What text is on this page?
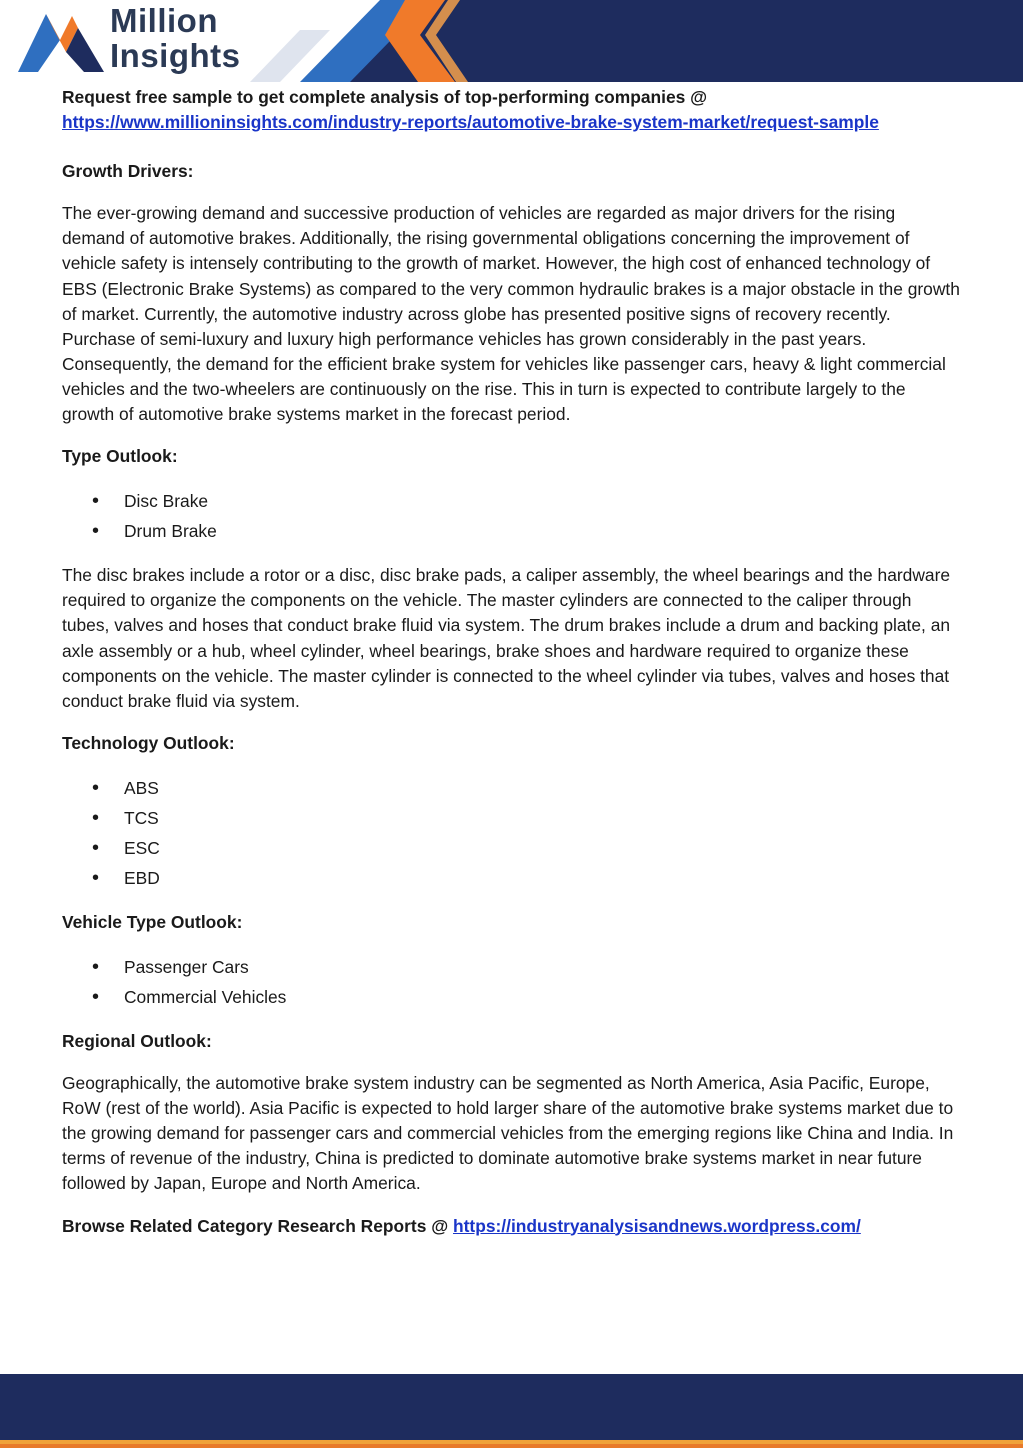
Million
Insights

Request free sample to get complete analysis of top-performing companies @

https://www.millioninsights.com/industry-reports/automotive-brake-system-market/request-sample

Growth Drivers:

The ever-growing demand and successive production of vehicles are regarded as major drivers for the rising demand of automotive brakes. Additionally, the rising governmental obligations concerning the improvement of vehicle safety is intensely contributing to the growth of market. However, the high cost of enhanced technology of EBS (Electronic Brake Systems) as compared to the very common hydraulic brakes is a major obstacle in the growth of market. Currently, the automotive industry across globe has presented positive signs of recovery recently. Purchase of semi-luxury and luxury high performance vehicles has grown considerably in the past years. Consequently, the demand for the efficient brake system for vehicles like passenger cars, heavy & light commercial vehicles and the two-wheelers are continuously on the rise. This in turn is expected to contribute largely to the growth of automotive brake systems market in the forecast period.

Type Outlook:

• Disc Brake
• Drum Brake

The disc brakes include a rotor or a disc, disc brake pads, a caliper assembly, the wheel bearings and the hardware required to organize the components on the vehicle. The master cylinders are connected to the caliper through tubes, valves and hoses that conduct brake fluid via system. The drum brakes include a drum and backing plate, an axle assembly or a hub, wheel cylinder, wheel bearings, brake shoes and hardware required to organize these components on the vehicle. The master cylinder is connected to the wheel cylinder via tubes, valves and hoses that conduct brake fluid via system.

Technology Outlook:

• ABS
• TCS
• ESC
• EBD

Vehicle Type Outlook:

• Passenger Cars
• Commercial Vehicles

Regional Outlook:

Geographically, the automotive brake system industry can be segmented as North America, Asia Pacific, Europe, RoW (rest of the world). Asia Pacific is expected to hold larger share of the automotive brake systems market due to the growing demand for passenger cars and commercial vehicles from the emerging regions like China and India. In terms of revenue of the industry, China is predicted to dominate automotive brake systems market in near future followed by Japan, Europe and North America.

Browse Related Category Research Reports @ https://industryanalysisandnews.wordpress.com/
